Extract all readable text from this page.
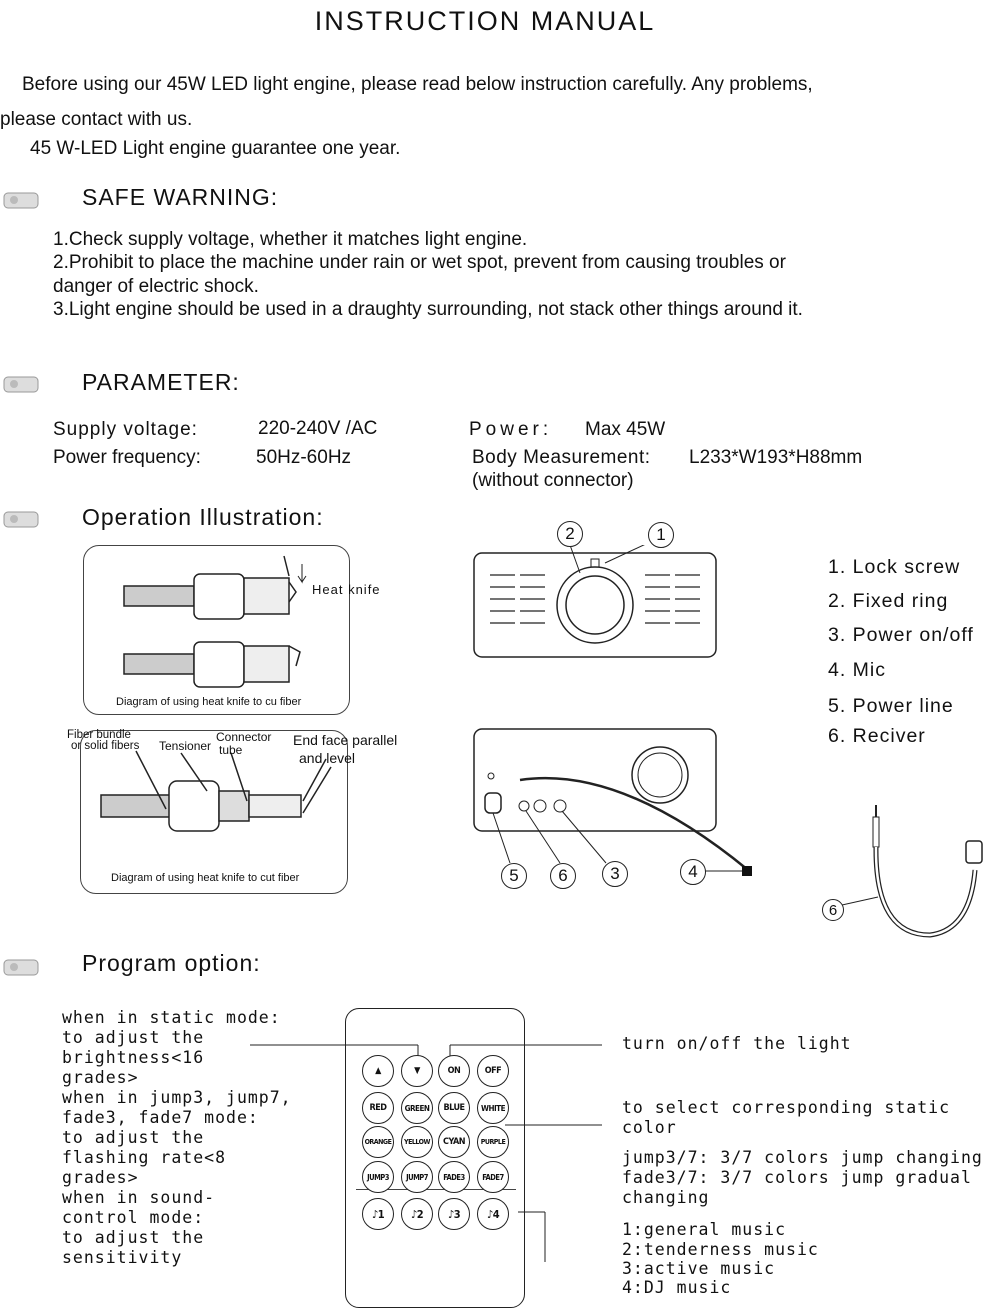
INSTRUCTION MANUAL
Before using our 45W LED light engine, please read below instruction carefully. Any problems,
please contact with us.
45 W-LED Light engine guarantee one year.
SAFE WARNING:
1.Check supply voltage, whether it matches light engine.
2.Prohibit to place the machine under rain or wet spot, prevent from causing troubles or danger of electric shock.
3.Light engine should be used in a draughty surrounding, not stack other things around it.
PARAMETER:
Supply voltage:	220-240V /AC	Power: Max 45W
Power frequency:	50Hz-60Hz	Body Measurement: L233*W193*H88mm
(without connector)
Operation Illustration:
Heat knife
Diagram of using heat knife to cu fiber
Fiber bundle
or solid fibers Tensioner
Connector
tube
End face parallel
and level
Diagram of using heat knife to cut fiber
2	1
5	6	3	4
1. Lock screw
2. Fixed ring
3. Power on/off
4. Mic
5. Power line
6. Reciver
6
Program option:
when in static mode:
to adjust the
brightness<16
grades>
when in jump3, jump7,
fade3, fade7 mode:
to adjust the
flashing rate<8
grades>
when in sound-
control mode:
to adjust the
sensitivity
▲	▼	ON	OFF
RED	GREEN	BLUE	WHITE
ORANGE	YELLOW	CYAN	PURPLE
JUMP3	JUMP7	FADE3	FADE7
♪ 1 ♪ 2 ♪ 3 ♪ 4
turn on/off the light
to select corresponding static
color
jump3/7: 3/7 colors jump changing
fade3/7: 3/7 colors jump gradual
changing
1:general music
2:tenderness music
3:active music
4:DJ music
